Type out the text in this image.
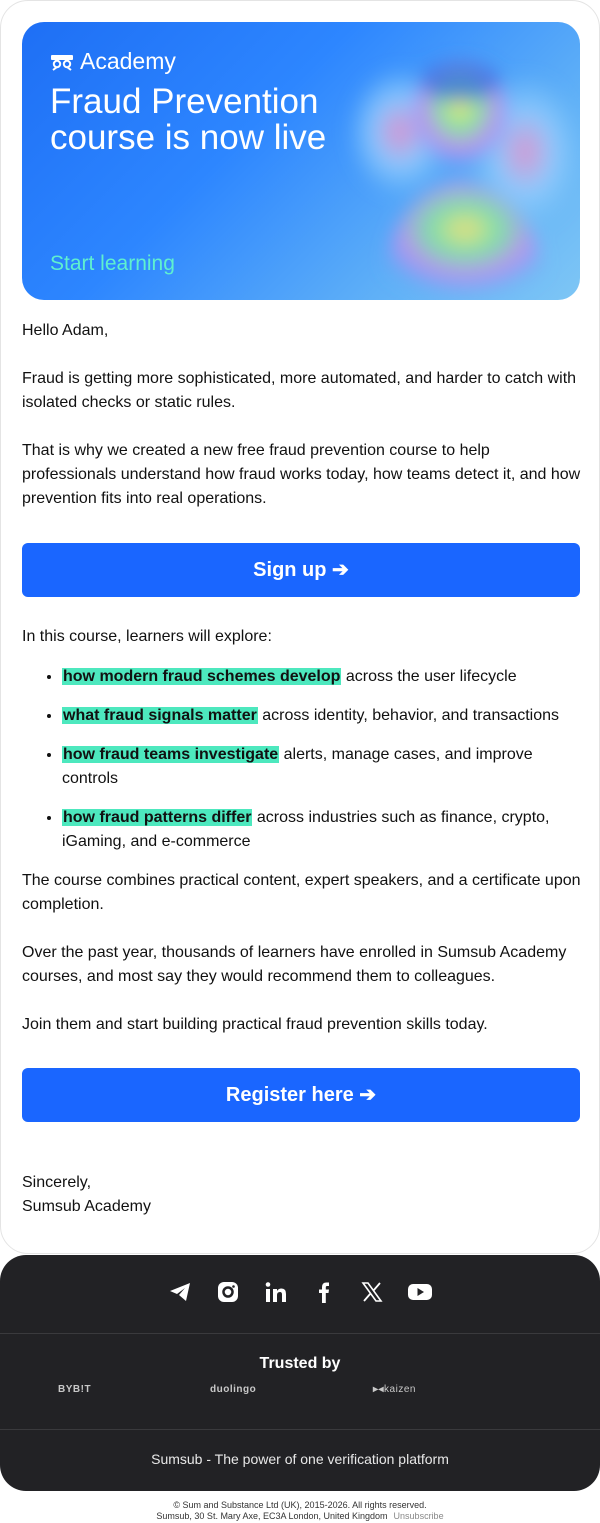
Academy
Fraud Prevention
course is now live
Start learning
Hello Adam,
Fraud is getting more sophisticated, more automated, and harder to catch with isolated checks or static rules.
That is why we created a new free fraud prevention course to help professionals understand how fraud works today, how teams detect it, and how prevention fits into real operations.
Sign up ➔
In this course, learners will explore:
• how modern fraud schemes develop across the user lifecycle
• what fraud signals matter across identity, behavior, and transactions
• how fraud teams investigate alerts, manage cases, and improve controls
• how fraud patterns differ across industries such as finance, crypto, iGaming, and e-commerce
The course combines practical content, expert speakers, and a certificate upon completion.
Over the past year, thousands of learners have enrolled in Sumsub Academy courses, and most say they would recommend them to colleagues.
Join them and start building practical fraud prevention skills today.
Register here ➔
Sincerely,
Sumsub Academy
Trusted by
BYB!T	duolingo	▸◂kaizen
Sumsub - The power of one verification platform
© Sum and Substance Ltd (UK), 2015-2026. All rights reserved.
Sumsub, 30 St. Mary Axe, EC3A London, United Kingdom Unsubscribe
